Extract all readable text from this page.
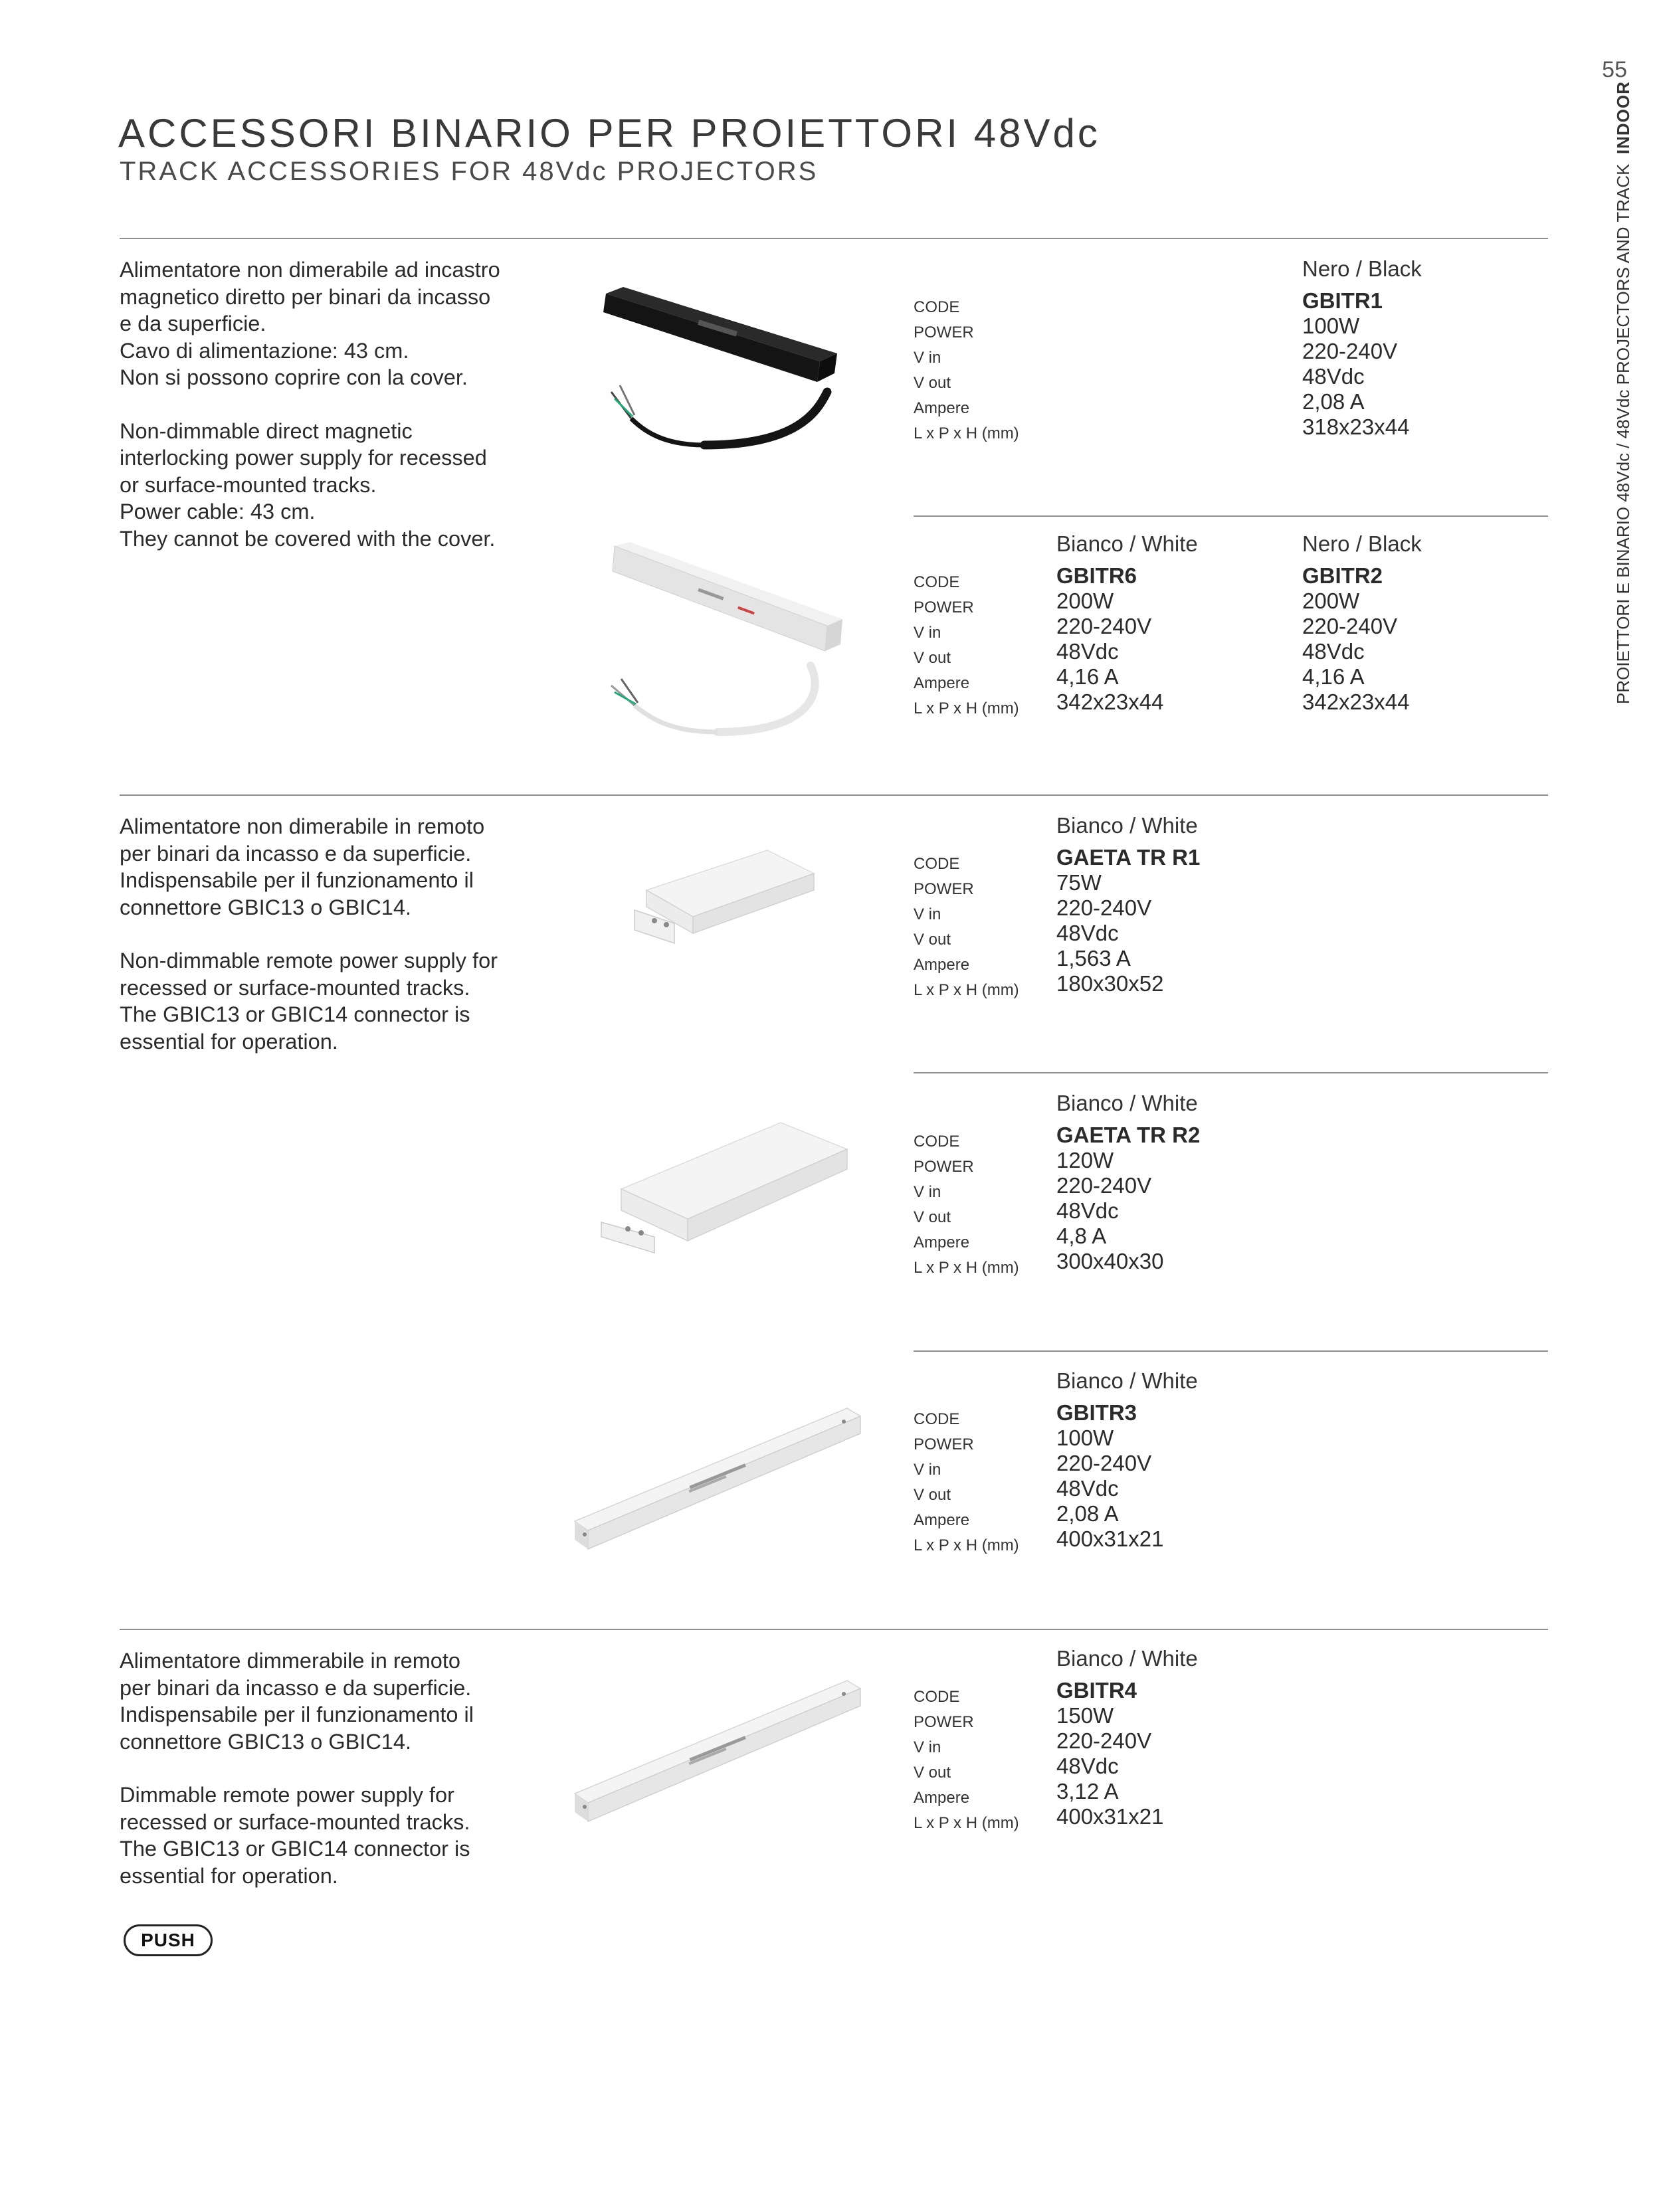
55
ACCESSORI BINARIO PER PROIETTORI 48Vdc
TRACK ACCESSORIES FOR 48Vdc PROJECTORS	PROIETTORI E BINARIO 48Vdc / 48Vdc PROJECTORS AND TRACK  INDOOR

Alimentatore non dimerabile ad incastro

magnetico diretto per binari da incasso

e da superficie.

Cavo di alimentazione: 43 cm.

Non si possono coprire con la cover.

Non-dimmable direct magnetic

interlocking power supply for recessed

or surface-mounted tracks.

Power cable: 43 cm.

They cannot be covered with the cover.

Alimentatore non dimerabile in remoto

per binari da incasso e da superficie.

Indispensabile per il funzionamento il

connettore GBIC13 o GBIC14.

Non-dimmable remote power supply for

recessed or surface-mounted tracks.

The GBIC13 or GBIC14 connector is

essential for operation.

Alimentatore dimmerabile in remoto

per binari da incasso e da superficie.

Indispensabile per il funzionamento il

connettore GBIC13 o GBIC14.

Dimmable remote power supply for

recessed or surface-mounted tracks.

The GBIC13 or GBIC14 connector is

essential for operation.

Nero / Black
CODE
POWER
V in
V out
Ampere
L x P x H (mm)
GBITR1
100W
220-240V
48Vdc
2,08 A
318x23x44
Bianco / White	Nero / Black
CODE
POWER
V in
V out
Ampere
L x P x H (mm)
GBITR6
200W
220-240V
48Vdc
4,16 A
342x23x44
GBITR2
200W
220-240V
48Vdc
4,16 A
342x23x44
Bianco / White
CODE
POWER
V in
V out
Ampere
L x P x H (mm)
GAETA TR R1
75W
220-240V
48Vdc
1,563 A
180x30x52
Bianco / White
CODE
POWER
V in
V out
Ampere
L x P x H (mm)
GAETA TR R2
120W
220-240V
48Vdc
4,8 A
300x40x30
Bianco / White
CODE
POWER
V in
V out
Ampere
L x P x H (mm)
GBITR3
100W
220-240V
48Vdc
2,08 A
400x31x21
Bianco / White
CODE
POWER
V in
V out
Ampere
L x P x H (mm)
GBITR4
150W
220-240V
48Vdc
3,12 A
400x31x21
PUSH
